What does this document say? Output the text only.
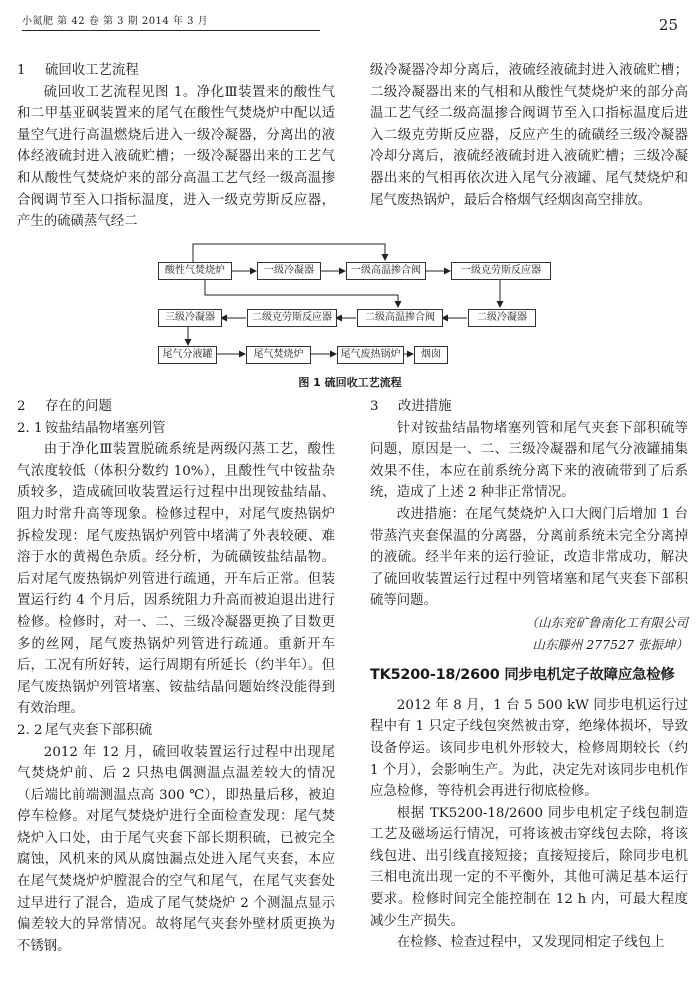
小氮肥 第 42 卷 第 3 期 2014 年 3 月	25

1 硫回收工艺流程

硫回收工艺流程见图 1。净化Ⅲ装置来的酸性气和二甲基亚砜装置来的尾气在酸性气焚烧炉中配以适量空气进行高温燃烧后进入一级冷凝器，分离出的液体经液硫封进入液硫贮槽；一级冷凝器出来的工艺气和从酸性气焚烧炉来的部分高温工艺气经一级高温掺合阀调节至入口指标温度，进入一级克劳斯反应器，产生的硫磺蒸气经二

级冷凝器冷却分离后，液硫经液硫封进入液硫贮槽；二级冷凝器出来的气相和从酸性气焚烧炉来的部分高温工艺气经二级高温掺合阀调节至入口指标温度后进入二级克劳斯反应器，反应产生的硫磺经三级冷凝器冷却分离后，液硫经液硫封进入液硫贮槽；三级冷凝器出来的气相再依次进入尾气分液罐、尾气焚烧炉和尾气废热锅炉，最后合格烟气经烟囱高空排放。

酸性气焚烧炉	一级冷凝器	一级高温掺合阀	一级克劳斯反应器
三级冷凝器	二级克劳斯反应器	二级高温掺合阀	二级冷凝器
尾气分液罐	尾气焚烧炉	尾气废热锅炉	烟囱
图 1 硫回收工艺流程

2 存在的问题

2. 1 铵盐结晶物堵塞列管

由于净化Ⅲ装置脱硫系统是两级闪蒸工艺，酸性气浓度较低（体积分数约 10%），且酸性气中铵盐杂质较多，造成硫回收装置运行过程中出现铵盐结晶、阻力时常升高等现象。检修过程中，对尾气废热锅炉拆检发现：尾气废热锅炉列管中堵满了外表较硬、难溶于水的黄褐色杂质。经分析，为硫磺铵盐结晶物。后对尾气废热锅炉列管进行疏通，开车后正常。但装置运行约 4 个月后，因系统阻力升高而被迫退出进行检修。检修时，对一、二、三级冷凝器更换了目数更多的丝网，尾气废热锅炉列管进行疏通。重新开车后，工况有所好转，运行周期有所延长（约半年）。但尾气废热锅炉列管堵塞、铵盐结晶问题始终没能得到有效治理。

2. 2 尾气夹套下部积硫

2012 年 12 月，硫回收装置运行过程中出现尾气焚烧炉前、后 2 只热电偶测温点温差较大的情况（后端比前端测温点高 300 ℃），即热量后移，被迫停车检修。对尾气焚烧炉进行全面检查发现：尾气焚烧炉入口处，由于尾气夹套下部长期积硫，已被完全腐蚀，风机来的风从腐蚀漏点处进入尾气夹套，本应在尾气焚烧炉炉膛混合的空气和尾气，在尾气夹套处过早进行了混合，造成了尾气焚烧炉 2 个测温点显示偏差较大的异常情况。故将尾气夹套外壁材质更换为不锈钢。

3 改进措施

针对铵盐结晶物堵塞列管和尾气夹套下部积硫等问题，原因是一、二、三级冷凝器和尾气分液罐捕集效果不佳，本应在前系统分离下来的液硫带到了后系统，造成了上述 2 种非正常情况。

改进措施：在尾气焚烧炉入口大阀门后增加 1 台带蒸汽夹套保温的分离器，分离前系统未完全分离掉的液硫。经半年来的运行验证，改造非常成功，解决了硫回收装置运行过程中列管堵塞和尾气夹套下部积硫等问题。

（山东兖矿鲁南化工有限公司

山东滕州 277527 张振坤）

TK5200-18/2600 同步电机定子故障应急检修

2012 年 8 月，1 台 5 500 kW 同步电机运行过程中有 1 只定子线包突然被击穿，绝缘体损坏，导致设备停运。该同步电机外形较大，检修周期较长（约 1 个月），会影响生产。为此，决定先对该同步电机作应急检修，等待机会再进行彻底检修。

根据 TK5200-18/2600 同步电机定子线包制造工艺及磁场运行情况，可将该被击穿线包去除，将该线包进、出引线直接短接；直接短接后，除同步电机三相电流出现一定的不平衡外，其他可满足基本运行要求。检修时间完全能控制在 12 h 内，可最大程度减少生产损失。

在检修、检查过程中，又发现同相定子线包上
